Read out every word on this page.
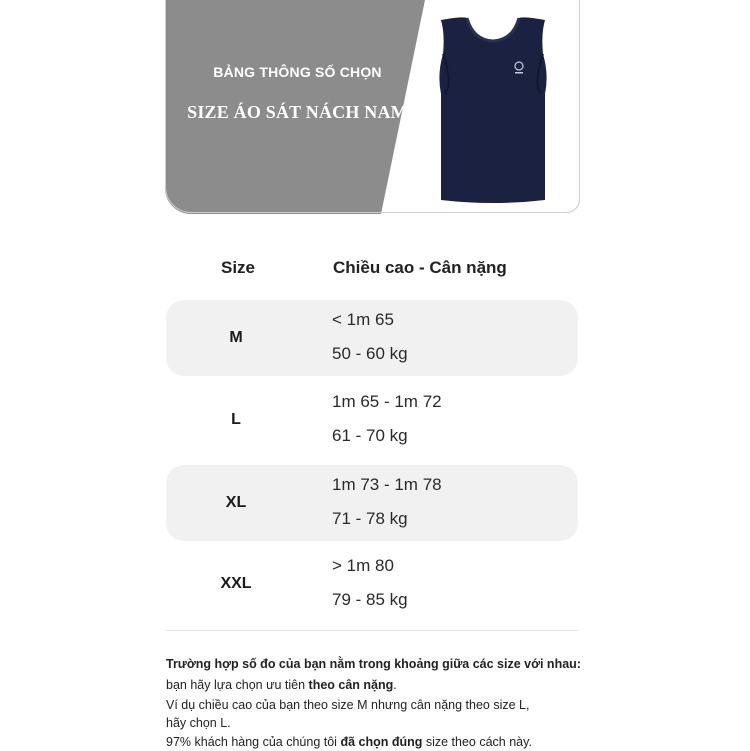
BẢNG THÔNG SỐ CHỌN
SIZE ÁO SÁT NÁCH NAM
Size	Chiều cao - Cân nặng
M
< 1m 65
50 - 60 kg
L
1m 65 - 1m 72
61 - 70 kg
XL
1m 73 - 1m 78
71 - 78 kg
XXL
> 1m 80
79 - 85 kg
Trường hợp số đo của bạn nằm trong khoảng giữa các size với nhau:
bạn hãy lựa chọn ưu tiên theo cân nặng.
Ví dụ chiều cao của bạn theo size M nhưng cân nặng theo size L,
hãy chọn L.
97% khách hàng của chúng tôi đã chọn đúng size theo cách này.
